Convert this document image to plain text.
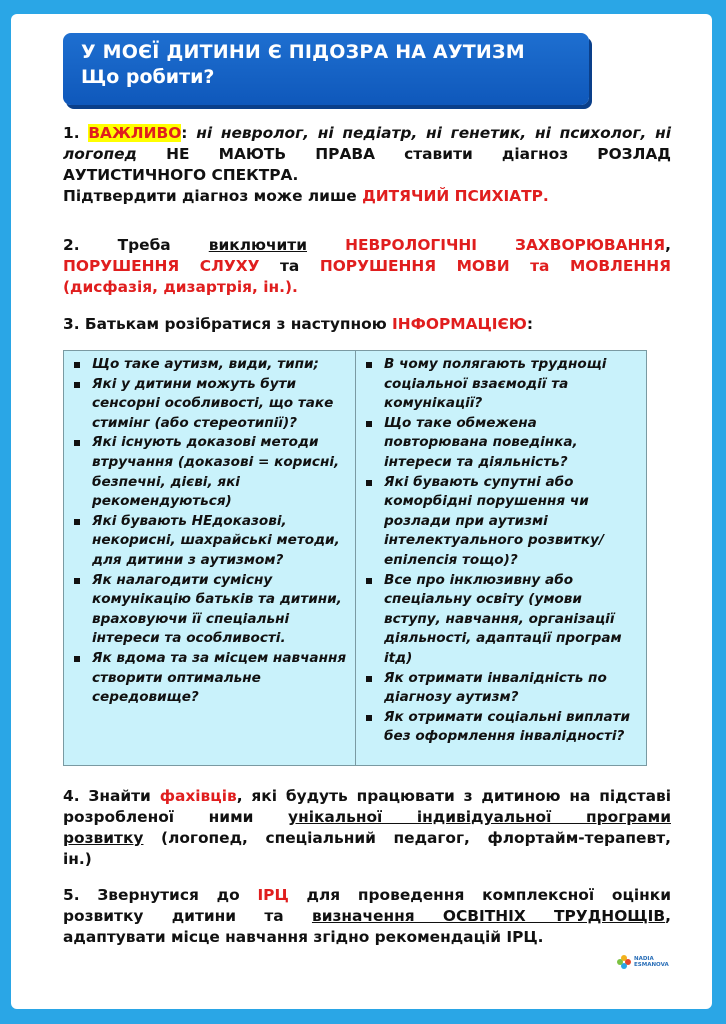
У МОЄЇ ДИТИНИ Є ПІДОЗРА НА АУТИЗМ
Що робити?
1. ВАЖЛИВО: ні невролог, ні педіатр, ні генетик, ні психолог, ні
логопед НЕ МАЮТЬ ПРАВА ставити діагноз РОЗЛАД
АУТИСТИЧНОГО СПЕКТРА.
Підтвердити діагноз може лише ДИТЯЧИЙ ПСИХІАТР.
2. Треба виключити НЕВРОЛОГІЧНІ ЗАХВОРЮВАННЯ,
ПОРУШЕННЯ СЛУХУ та ПОРУШЕННЯ МОВИ та МОВЛЕННЯ
(дисфазія, дизартрія, ін.).
3. Батькам розібратися з наступною ІНФОРМАЦІЄЮ:
Що таке аутизм, види, типи;
Які у дитини можуть бути сенсорні особливості, що таке стимінг (або стереотипії)?
Які існують доказові методи втручання (доказові = корисні, безпечні, дієві, які рекомендуються)
Які бувають НЕдоказові, некорисні, шахрайські методи, для дитини з аутизмом?
Як налагодити сумісну комунікацію батьків та дитини, враховуючи її спеціальні інтереси та особливості.
Як вдома та за місцем навчання створити оптимальне середовище?
В чому полягають труднощі соціальної взаємодії та комунікації?
Що таке обмежена повторювана поведінка, інтереси та діяльність?
Які бувають супутні або коморбідні порушення чи розлади при аутизмі інтелектуального розвитку/ епілепсія тощо)?
Все про інклюзивну або спеціальну освіту (умови вступу, навчання, організації діяльності, адаптації програм itд)
Як отримати інвалідність по діагнозу аутизм?
Як отримати соціальні виплати без оформлення інвалідності?
4. Знайти фахівців, які будуть працювати з дитиною на підставі
розробленої ними унікальної індивідуальної програми
розвитку (логопед, спеціальний педагог, флортайм-терапевт,
ін.)
5. Звернутися до ІРЦ для проведення комплексної оцінки
розвитку дитини та визначення ОСВІТНІХ ТРУДНОЩІВ,
адаптувати місце навчання згідно рекомендацій ІРЦ.
NADIA
ESMANOVA
